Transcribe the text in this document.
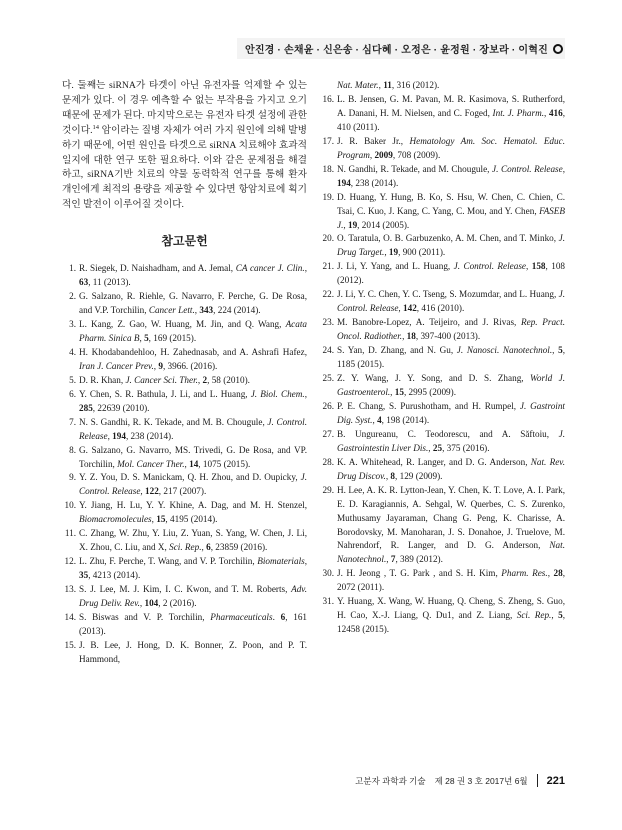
안진경 · 손채윤 · 신은송 · 심다혜 · 오정은 · 윤정원 · 장보라 · 이혁진

다. 둘째는 siRNA가 타겟이 아닌 유전자를 억제할 수 있는 문제가 있다. 이 경우 예측할 수 없는 부작용을 가지고 오기 때문에 문제가 된다. 마지막으로는 유전자 타겟 설정에 관한 것이다.$^{14}$ 암이라는 질병 자체가 여러 가지 원인에 의해 발병하기 때문에, 어떤 원인을 타겟으로 siRNA 치료해야 효과적일지에 대한 연구 또한 필요하다. 이와 같은 문제점을 해결하고, siRNA기반 치료의 약물 동력학적 연구를 통해 환자 개인에게 최적의 용량을 제공할 수 있다면 항암치료에 획기적인 발전이 이루어질 것이다.

참고문헌
1. R. Siegek, D. Naishadham, and A. Jemal, CA cancer J. Clin., 63, 11 (2013).
2. G. Salzano, R. Riehle, G. Navarro, F. Perche, G. De Rosa, and V.P. Torchilin, Cancer Lett., 343, 224 (2014).
3. L. Kang, Z. Gao, W. Huang, M. Jin, and Q. Wang, Acata Pharm. Sinica B, 5, 169 (2015).
4. H. Khodabandehloo, H. Zahednasab, and A. Ashrafi Hafez, Iran J. Cancer Prev., 9, 3966. (2016).
5. D. R. Khan, J. Cancer Sci. Ther., 2, 58 (2010).
6. Y. Chen, S. R. Bathula, J. Li, and L. Huang, J. Biol. Chem., 285, 22639 (2010).
7. N. S. Gandhi, R. K. Tekade, and M. B. Chougule, J. Control. Release, 194, 238 (2014).
8. G. Salzano, G. Navarro, MS. Trivedi, G. De Rosa, and VP. Torchilin, Mol. Cancer Ther., 14, 1075 (2015).
9. Y. Z. You, D. S. Manickam, Q. H. Zhou, and D. Oupicky, J. Control. Release, 122, 217 (2007).
10. Y. Jiang, H. Lu, Y. Y. Khine, A. Dag, and M. H. Stenzel, Biomacromolecules, 15, 4195 (2014).
11. C. Zhang, W. Zhu, Y. Liu, Z. Yuan, S. Yang, W. Chen, J. Li, X. Zhou, C. Liu, and X, Sci. Rep., 6, 23859 (2016).
12. L. Zhu, F. Perche, T. Wang, and V. P. Torchilin, Biomaterials, 35, 4213 (2014).
13. S. J. Lee, M. J. Kim, I. C. Kwon, and T. M. Roberts, Adv. Drug Deliv. Rev., 104, 2 (2016).
14. S. Biswas and V. P. Torchilin, Pharmaceuticals. 6, 161 (2013).
15. J. B. Lee, J. Hong, D. K. Bonner, Z. Poon, and P. T. Hammond,
Nat. Mater., 11, 316 (2012).
16. L. B. Jensen, G. M. Pavan, M. R. Kasimova, S. Rutherford, A. Danani, H. M. Nielsen, and C. Foged, Int. J. Pharm., 416, 410 (2011).
17. J. R. Baker Jr., Hematology Am. Soc. Hematol. Educ. Program, 2009, 708 (2009).
18. N. Gandhi, R. Tekade, and M. Chougule, J. Control. Release, 194, 238 (2014).
19. D. Huang, Y. Hung, B. Ko, S. Hsu, W. Chen, C. Chien, C. Tsai, C. Kuo, J. Kang, C. Yang, C. Mou, and Y. Chen, FASEB J., 19, 2014 (2005).
20. O. Taratula, O. B. Garbuzenko, A. M. Chen, and T. Minko, J. Drug Target., 19, 900 (2011).
21. J. Li, Y. Yang, and L. Huang, J. Control. Release, 158, 108 (2012).
22. J. Li, Y. C. Chen, Y. C. Tseng, S. Mozumdar, and L. Huang, J. Control. Release, 142, 416 (2010).
23. M. Banobre-Lopez, A. Teijeiro, and J. Rivas, Rep. Pract. Oncol. Radiother., 18, 397-400 (2013).
24. S. Yan, D. Zhang, and N. Gu, J. Nanosci. Nanotechnol., 5, 1185 (2015).
25. Z. Y. Wang, J. Y. Song, and D. S. Zhang, World J. Gastroenterol., 15, 2995 (2009).
26. P. E. Chang, S. Purushotham, and H. Rumpel, J. Gastroint Dig. Syst., 4, 198 (2014).
27. B. Ungureanu, C. Teodorescu, and A. Săftoiu, J. Gastrointestin Liver Dis., 25, 375 (2016).
28. K. A. Whitehead, R. Langer, and D. G. Anderson, Nat. Rev. Drug Discov., 8, 129 (2009).
29. H. Lee, A. K. R. Lytton-Jean, Y. Chen, K. T. Love, A. I. Park, E. D. Karagiannis, A. Sehgal, W. Querbes, C. S. Zurenko, Muthusamy Jayaraman, Chang G. Peng, K. Charisse, A. Borodovsky, M. Manoharan, J. S. Donahoe, J. Truelove, M. Nahrendorf, R. Langer, and D. G. Anderson, Nat. Nanotechnol., 7, 389 (2012).
30. J. H. Jeong , T. G. Park , and S. H. Kim, Pharm. Res., 28, 2072 (2011).
31. Y. Huang, X. Wang, W. Huang, Q. Cheng, S. Zheng, S. Guo, H. Cao, X.-J. Liang, Q. Du1, and Z. Liang, Sci. Rep., 5, 12458 (2015).
고분자 과학과 기술 제 28 권 3 호 2017년 6월 221
